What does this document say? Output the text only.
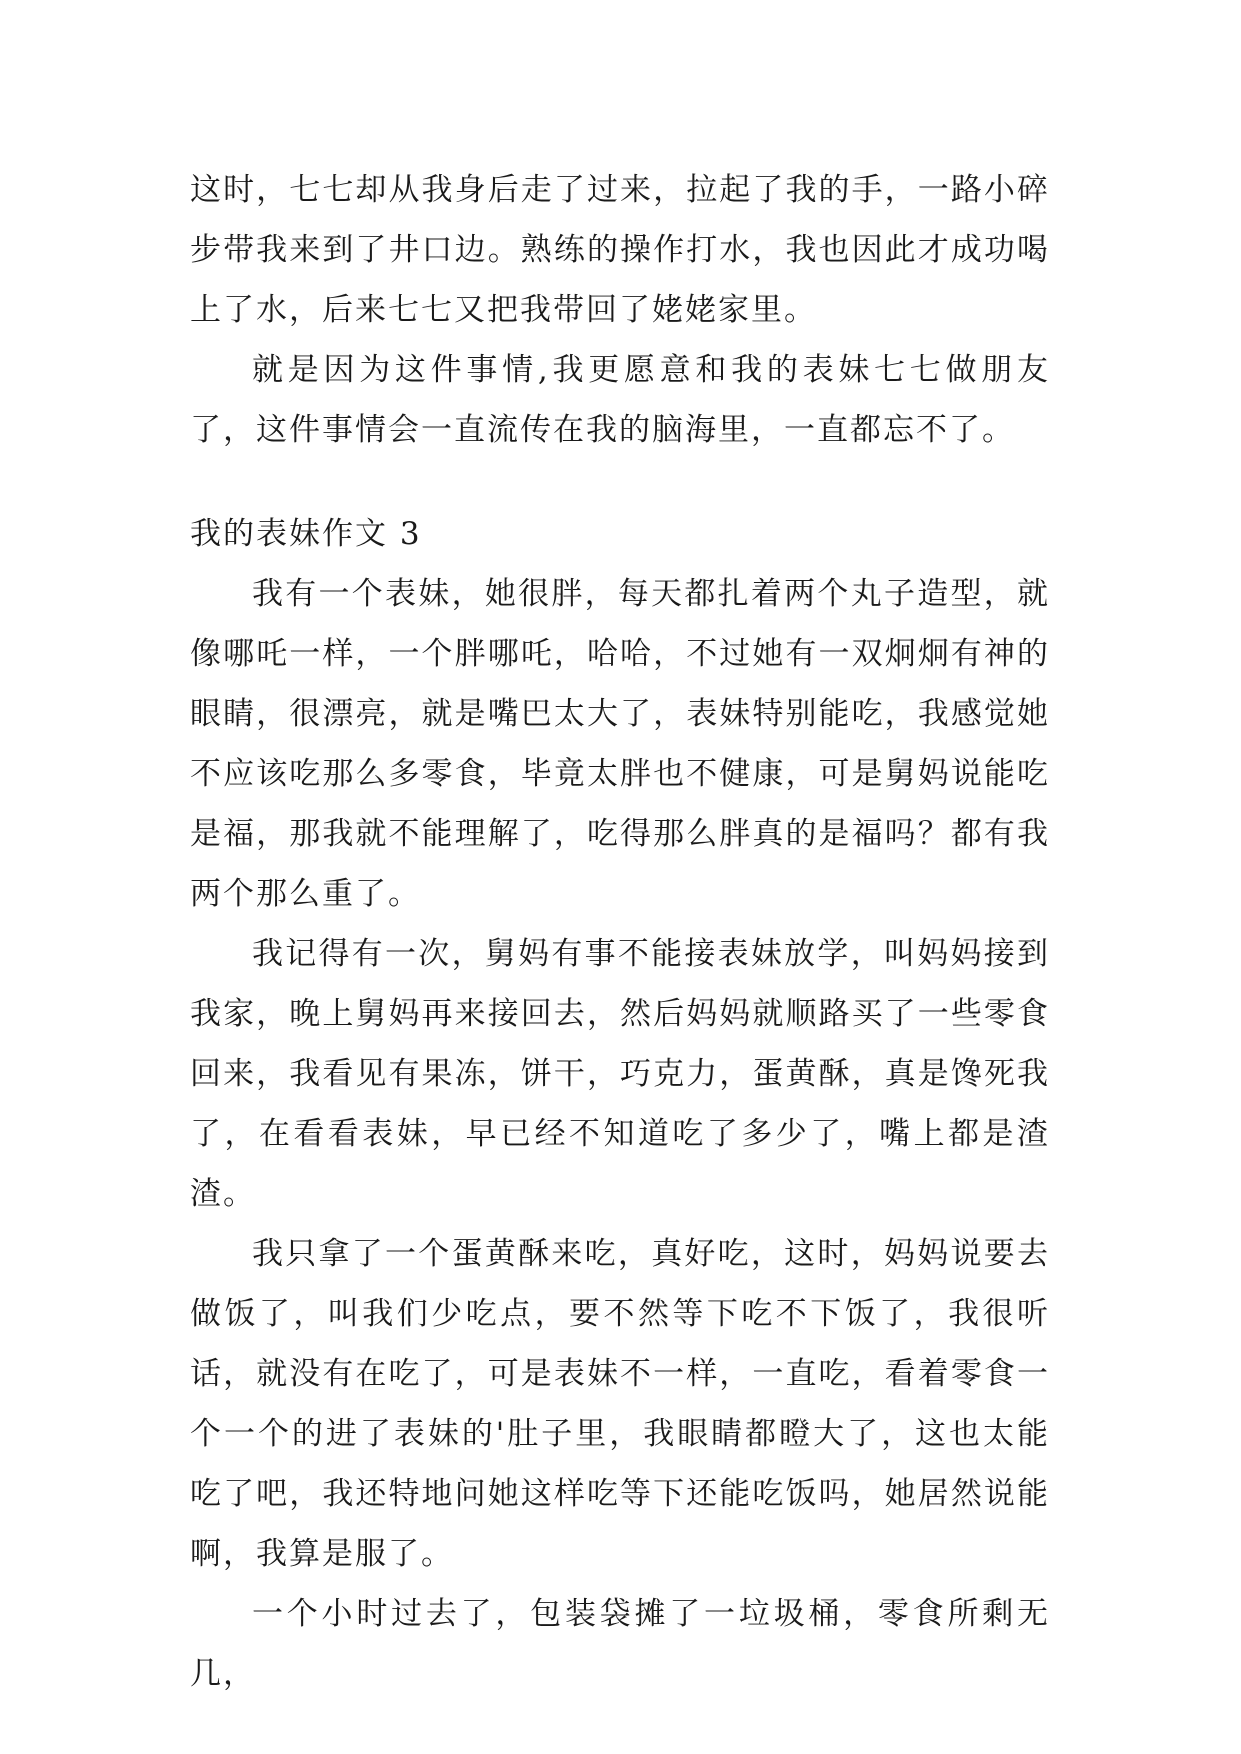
这时，七七却从我身后走了过来，拉起了我的手，一路小碎步带我来到了井口边。熟练的操作打水，我也因此才成功喝上了水，后来七七又把我带回了姥姥家里。

就是因为这件事情,我更愿意和我的表妹七七做朋友了，这件事情会一直流传在我的脑海里，一直都忘不了。

我的表妹作文 3

我有一个表妹，她很胖，每天都扎着两个丸子造型，就像哪吒一样，一个胖哪吒，哈哈，不过她有一双炯炯有神的眼睛，很漂亮，就是嘴巴太大了，表妹特别能吃，我感觉她不应该吃那么多零食，毕竟太胖也不健康，可是舅妈说能吃是福，那我就不能理解了，吃得那么胖真的是福吗？都有我两个那么重了。

我记得有一次，舅妈有事不能接表妹放学，叫妈妈接到我家，晚上舅妈再来接回去，然后妈妈就顺路买了一些零食回来，我看见有果冻，饼干，巧克力，蛋黄酥，真是馋死我了，在看看表妹，早已经不知道吃了多少了，嘴上都是渣渣。

我只拿了一个蛋黄酥来吃，真好吃，这时，妈妈说要去做饭了，叫我们少吃点，要不然等下吃不下饭了，我很听话，就没有在吃了，可是表妹不一样，一直吃，看着零食一个一个的进了表妹的'肚子里，我眼睛都瞪大了，这也太能吃了吧，我还特地问她这样吃等下还能吃饭吗，她居然说能啊，我算是服了。

一个小时过去了，包装袋摊了一垃圾桶，零食所剩无几，
